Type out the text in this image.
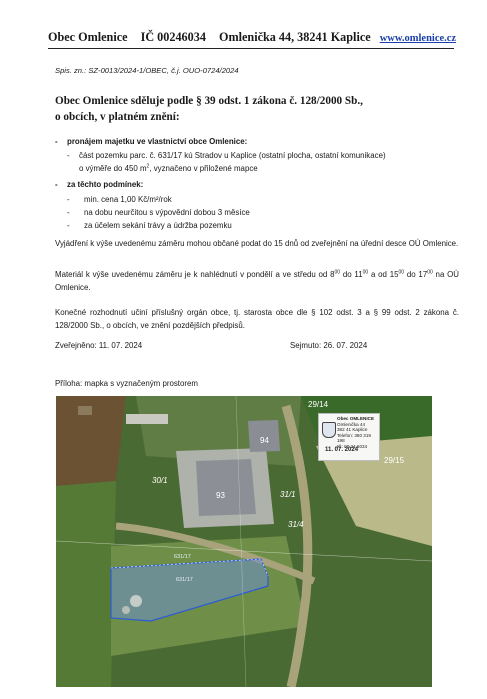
Obec Omlenice IČ 00246034 Omlenička 44, 38241 Kaplice www.omlenice.cz
Spis. zn.: SZ-0013/2024-1/OBEC, č.j. OUO-0724/2024
Obec Omlenice sděluje podle § 39 odst. 1 zákona č. 128/2000 Sb.,
o obcích, v platném znění:
- pronájem majetku ve vlastnictví obce Omlenice:
- část pozemku parc. č. 631/17 kú Stradov u Kaplice (ostatní plocha, ostatní komunikace)
o výměře do 450 $m^2$, vyznačeno v přiložené mapce
- za těchto podmínek:
- min. cena 1,00 Kč/m²/rok
- na dobu neurčitou s výpovědní dobou 3 měsíce
- za účelem sekání trávy a údržba pozemku
Vyjádření k výše uvedenému záměru mohou občané podat do 15 dnů od zveřejnění na úřední desce OÚ Omlenice.
Materiál k výše uvedenému záměru je k nahlédnutí v pondělí a ve středu od $8^{00}$ do $11^{00}$ a od $15^{00}$ do $17^{00}$ na OÚ Omlenice.
Konečné rozhodnutí učiní příslušný orgán obce, tj. starosta obce dle § 102 odst. 3 a § 99 odst. 2 zákona č. 128/2000 Sb., o obcích, ve znění pozdějších předpisů.
Zveřejněno: 11. 07. 2024	Sejmuto: 26. 07. 2024
Příloha: mapka s vyznačeným prostorem
29/14
94
30/1
93	31/1
31/4
29/15
631/17
631/17
Obec OMLENICE
Omlenička 44
382 41 Kaplice
Telefon: 380 319 198
IČ: 00 24 6034
11. 07. 2024
